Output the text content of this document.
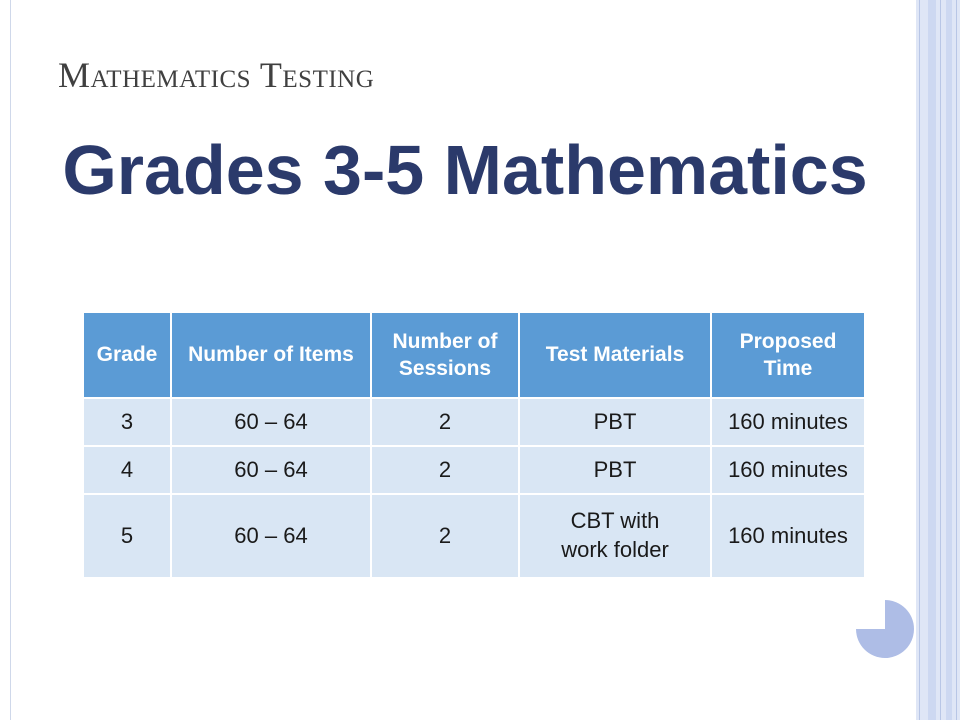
Mathematics Testing
Grades 3-5 Mathematics
Grade	Number of Items	Number of Sessions	Test Materials	Proposed Time
3	60 – 64	2	PBT	160 minutes
4	60 – 64	2	PBT	160 minutes
5	60 – 64	2	CBT with work folder	160 minutes
